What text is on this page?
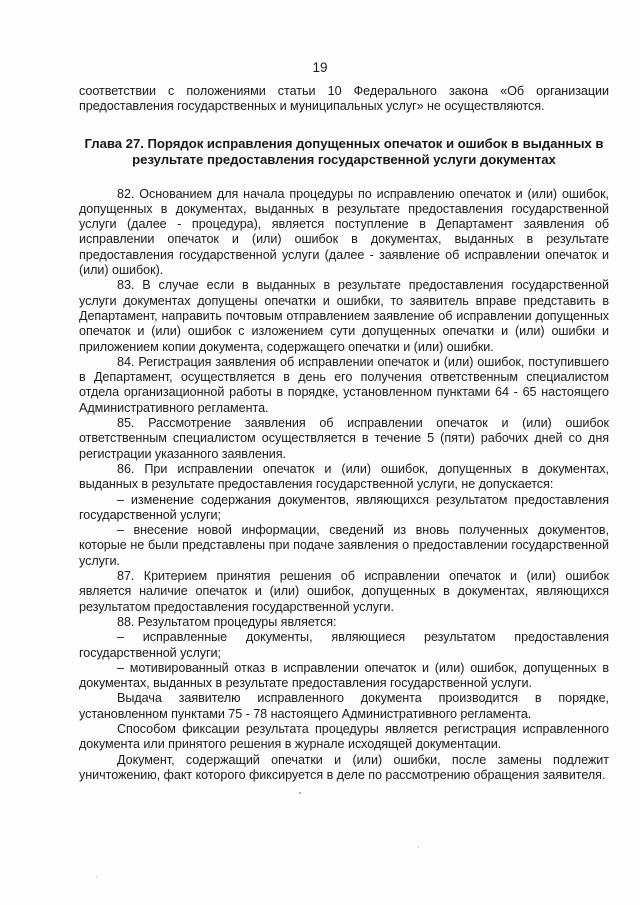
19

соответствии с положениями статьи 10 Федерального закона «Об организации предоставления государственных и муниципальных услуг» не осуществляются.

Глава 27. Порядок исправления допущенных опечаток и ошибок в выданных в результате предоставления государственной услуги документах

82. Основанием для начала процедуры по исправлению опечаток и (или) ошибок, допущенных в документах, выданных в результате предоставления государственной услуги (далее - процедура), является поступление в Департамент заявления об исправлении опечаток и (или) ошибок в документах, выданных в результате предоставления государственной услуги (далее - заявление об исправлении опечаток и (или) ошибок).

83. В случае если в выданных в результате предоставления государственной услуги документах допущены опечатки и ошибки, то заявитель вправе представить в Департамент, направить почтовым отправлением заявление об исправлении допущенных опечаток и (или) ошибок с изложением сути допущенных опечатки и (или) ошибки и приложением копии документа, содержащего опечатки и (или) ошибки.

84. Регистрация заявления об исправлении опечаток и (или) ошибок, поступившего в Департамент, осуществляется в день его получения ответственным специалистом отдела организационной работы в порядке, установленном пунктами 64 - 65 настоящего Административного регламента.

85. Рассмотрение заявления об исправлении опечаток и (или) ошибок ответственным специалистом осуществляется в течение 5 (пяти) рабочих дней со дня регистрации указанного заявления.

86. При исправлении опечаток и (или) ошибок, допущенных в документах, выданных в результате предоставления государственной услуги, не допускается:

– изменение содержания документов, являющихся результатом предоставления государственной услуги;

– внесение новой информации, сведений из вновь полученных документов, которые не были представлены при подаче заявления о предоставлении государственной услуги.

87. Критерием принятия решения об исправлении опечаток и (или) ошибок является наличие опечаток и (или) ошибок, допущенных в документах, являющихся результатом предоставления государственной услуги.

88. Результатом процедуры является:

– исправленные документы, являющиеся результатом предоставления государственной услуги;

– мотивированный отказ в исправлении опечаток и (или) ошибок, допущенных в документах, выданных в результате предоставления государственной услуги.

Выдача заявителю исправленного документа производится в порядке, установленном пунктами 75 - 78 настоящего Административного регламента.

Способом фиксации результата процедуры является регистрация исправленного документа или принятого решения в журнале исходящей документации.

Документ, содержащий опечатки и (или) ошибки, после замены подлежит уничтожению, факт которого фиксируется в деле по рассмотрению обращения заявителя.
